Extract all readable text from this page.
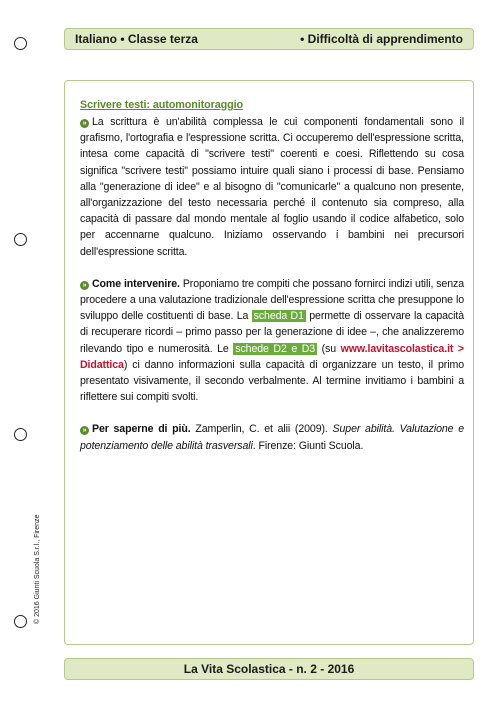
Italiano • Classe terza	• Difficoltà di apprendimento
Scrivere testi: automonitoraggio

» La scrittura è un'abilità complessa le cui componenti fondamentali sono il grafismo, l'ortografia e l'espressione scritta. Ci occuperemo dell'espressione scritta, intesa come capacità di "scrivere testi" coerenti e coesi. Riflettendo su cosa significa "scrivere testi" possiamo intuire quali siano i processi di base. Pensiamo alla "generazione di idee" e al bisogno di "comunicarle" a qualcuno non presente, all'organizzazione del testo necessaria perché il contenuto sia compreso, alla capacità di passare dal mondo mentale al foglio usando il codice alfabetico, solo per accennarne qualcuno. Iniziamo osservando i bambini nei precursori dell'espressione scritta.

» Come intervenire. Proponiamo tre compiti che possano fornirci indizi utili, senza procedere a una valutazione tradizionale dell'espressione scritta che presuppone lo sviluppo delle costituenti di base. La scheda D1 permette di osservare la capacità di recuperare ricordi – primo passo per la generazione di idee –, che analizzeremo rilevando tipo e numerosità. Le schede D2 e D3 (su www.lavitascolastica.it > Didattica) ci danno informazioni sulla capacità di organizzare un testo, il primo presentato visivamente, il secondo verbalmente. Al termine invitiamo i bambini a riflettere sui compiti svolti.

» Per saperne di più. Zamperlin, C. et alii (2009). Super abilità. Valutazione e potenziamento delle abilità trasversali. Firenze: Giunti Scuola.

© 2016 Giunti Scuola S.r.l., Firenze
La Vita Scolastica - n. 2 - 2016
